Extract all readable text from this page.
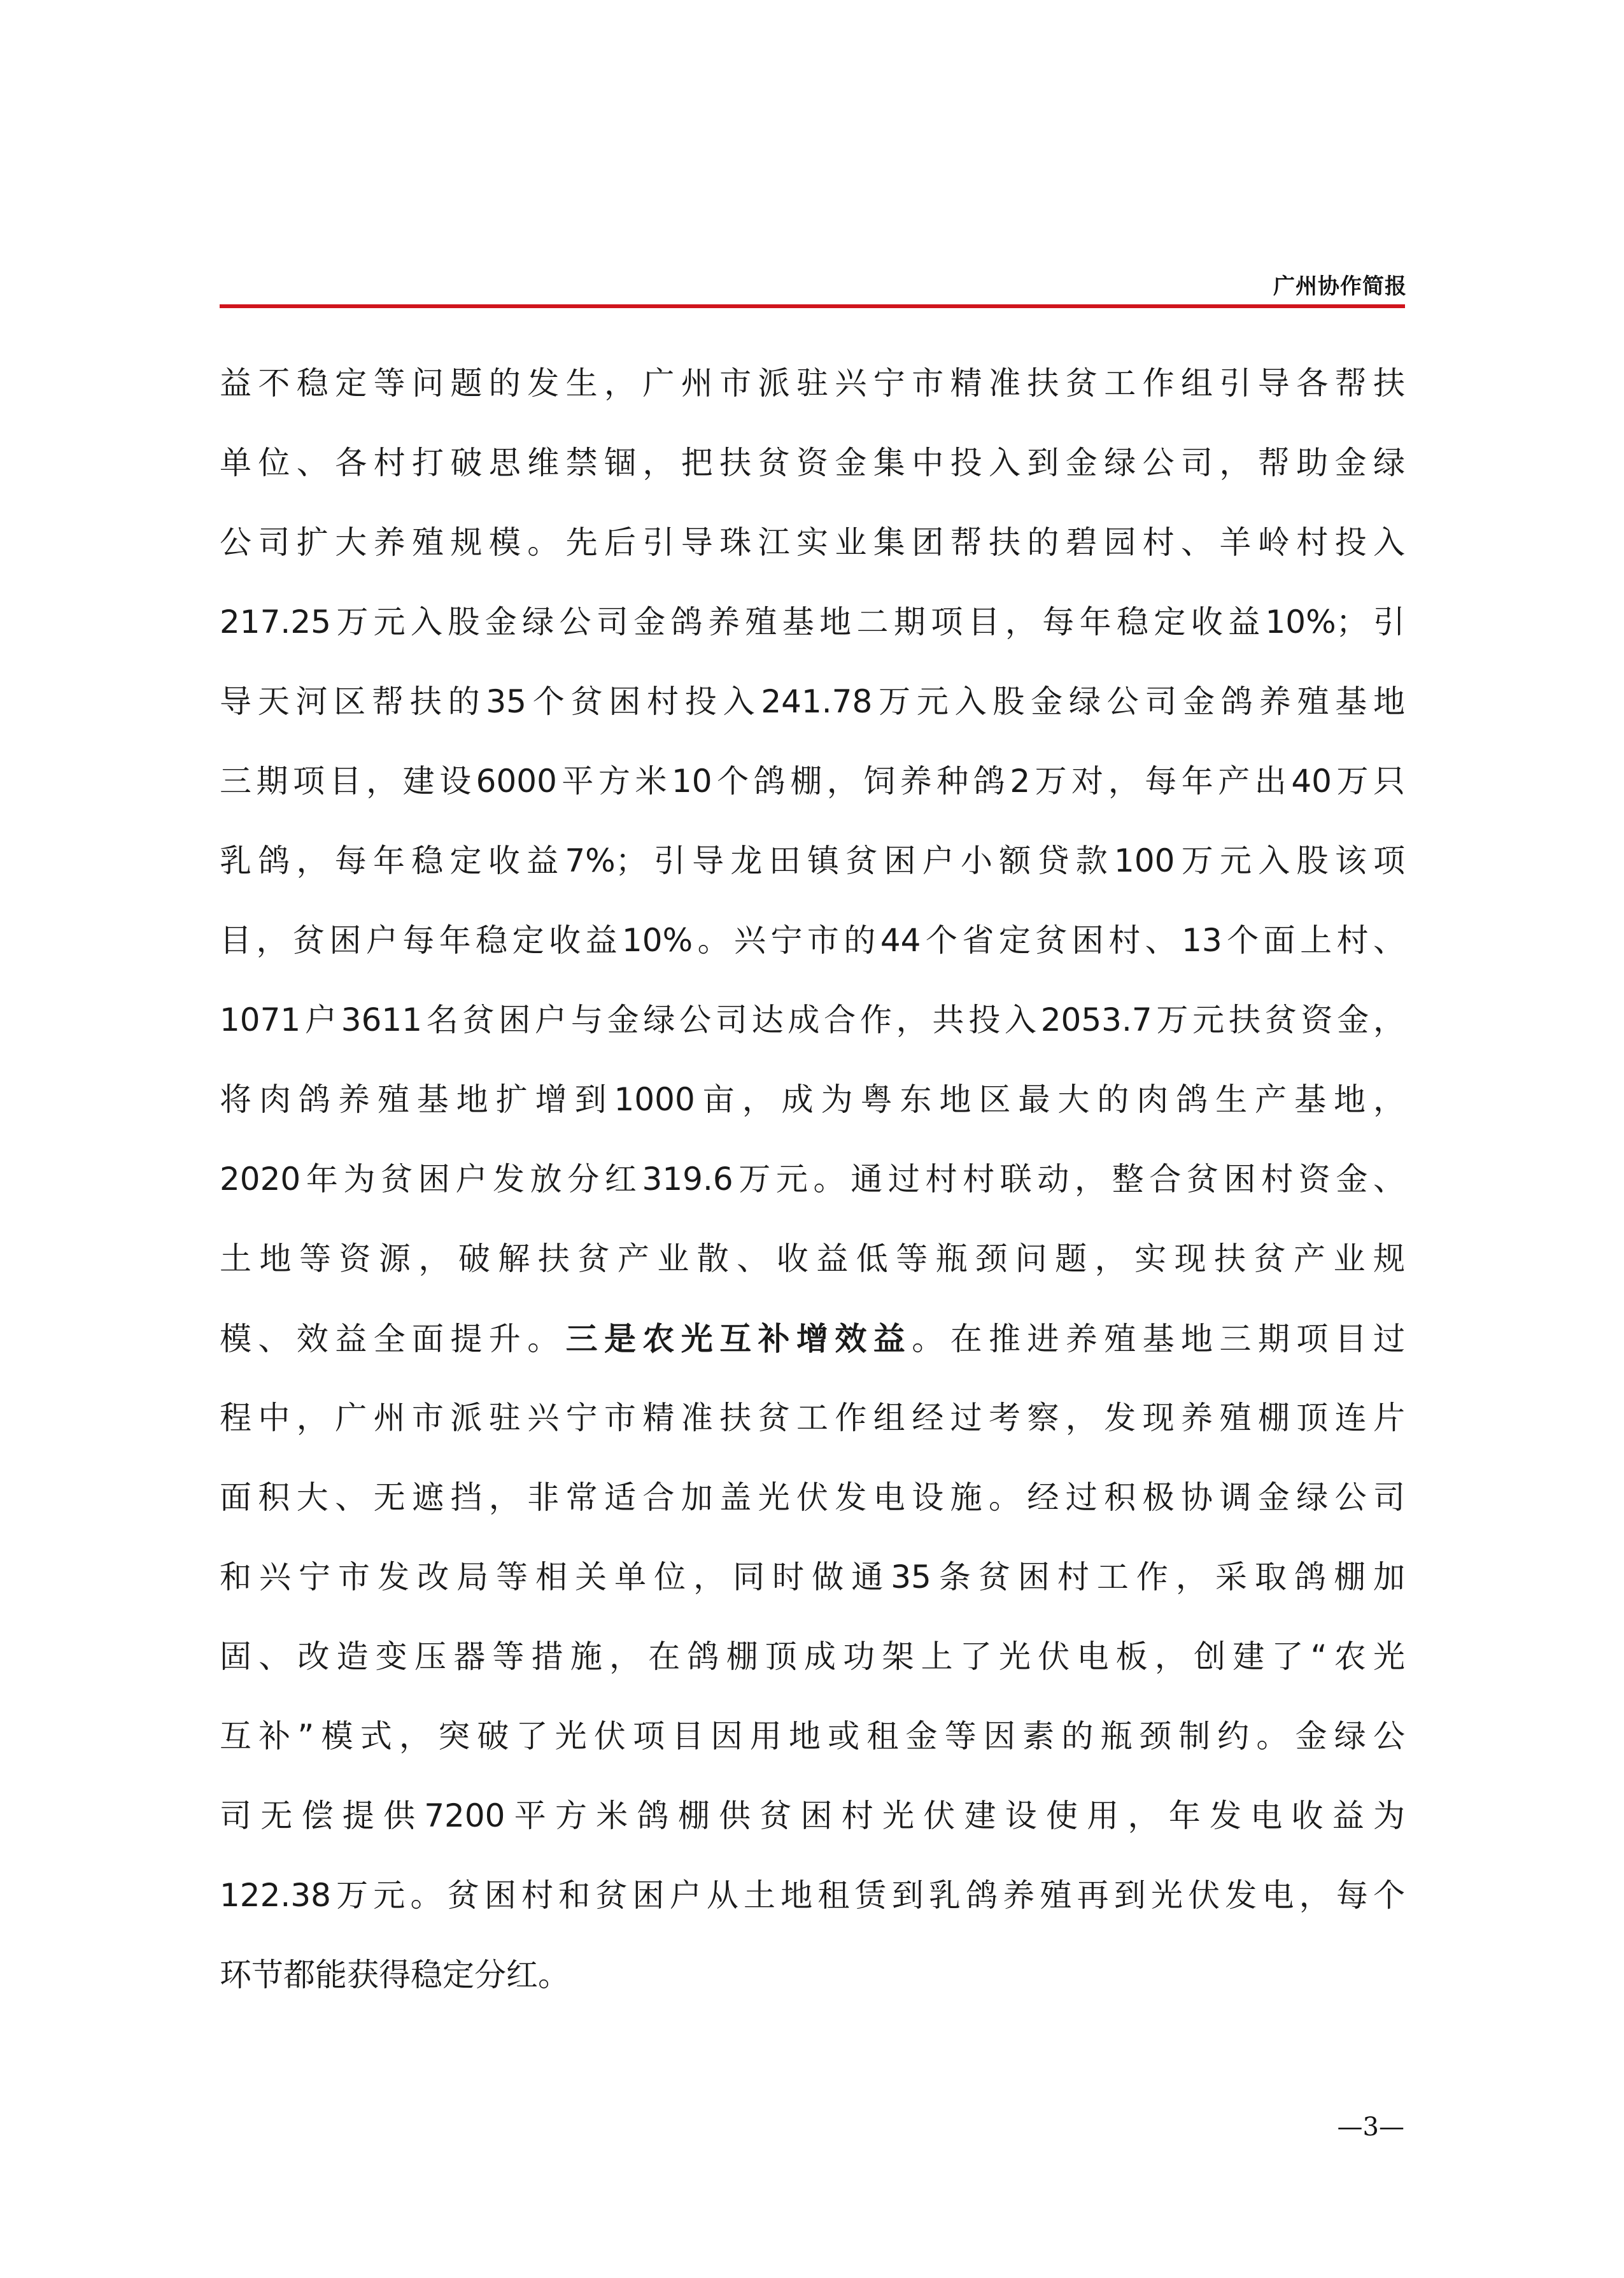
广州协作简报
益不稳定等问题的发生，广州市派驻兴宁市精准扶贫工作组引导各帮扶
单位、各村打破思维禁锢，把扶贫资金集中投入到金绿公司，帮助金绿
公司扩大养殖规模。先后引导珠江实业集团帮扶的碧园村、羊岭村投入
217.25万元入股金绿公司金鸽养殖基地二期项目，每年稳定收益10%；引
导天河区帮扶的35个贫困村投入241.78万元入股金绿公司金鸽养殖基地
三期项目，建设6000平方米10个鸽棚，饲养种鸽2万对，每年产出40万只
乳鸽，每年稳定收益7%；引导龙田镇贫困户小额贷款100万元入股该项
目，贫困户每年稳定收益10%。兴宁市的44个省定贫困村、13个面上村、
1071户3611名贫困户与金绿公司达成合作，共投入2053.7万元扶贫资金，
将肉鸽养殖基地扩增到1000亩，成为粤东地区最大的肉鸽生产基地，
2020年为贫困户发放分红319.6万元。通过村村联动，整合贫困村资金、
土地等资源，破解扶贫产业散、收益低等瓶颈问题，实现扶贫产业规
模、效益全面提升。三是农光互补增效益。在推进养殖基地三期项目过
程中，广州市派驻兴宁市精准扶贫工作组经过考察，发现养殖棚顶连片
面积大、无遮挡，非常适合加盖光伏发电设施。经过积极协调金绿公司
和兴宁市发改局等相关单位，同时做通35条贫困村工作，采取鸽棚加
固、改造变压器等措施，在鸽棚顶成功架上了光伏电板，创建了“农光
互补”模式，突破了光伏项目因用地或租金等因素的瓶颈制约。金绿公
司无偿提供7200平方米鸽棚供贫困村光伏建设使用，年发电收益为
122.38万元。贫困村和贫困户从土地租赁到乳鸽养殖再到光伏发电，每个
环节都能获得稳定分红。
—3—
